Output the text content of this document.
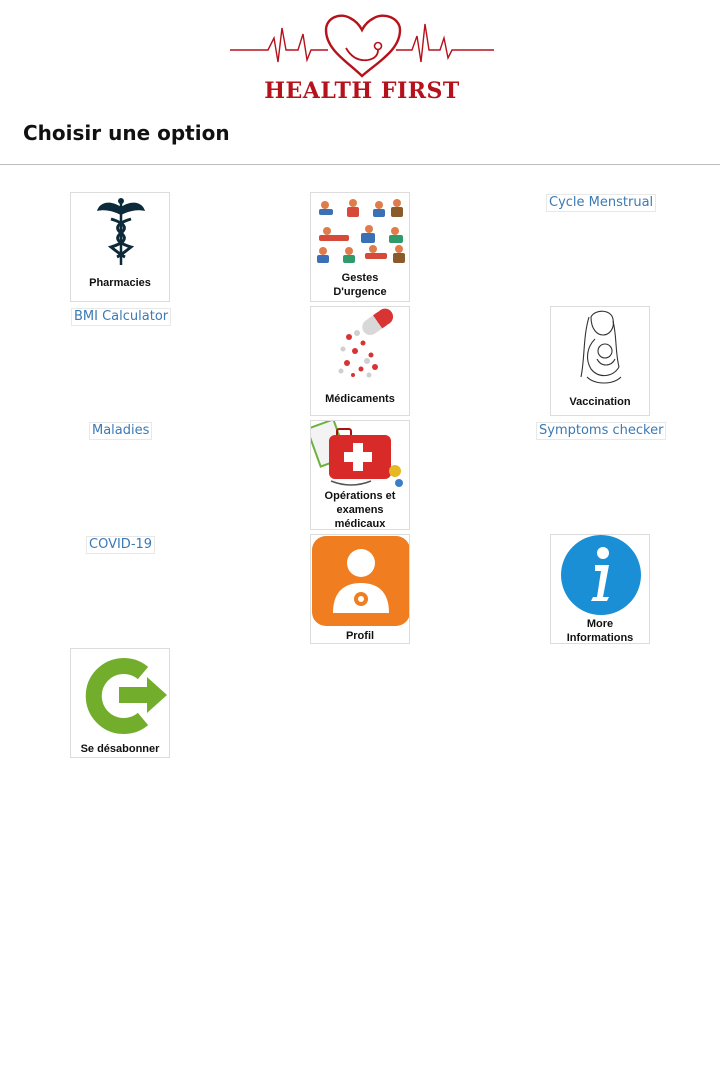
HEALTH FIRST
Choisir une option
Pharmacies	Gestes
D'urgence
Cycle Menstrual
BMI Calculator
Médicaments	Vaccination
Maladies
Opérations et
examens
médicaux
Symptoms checker
COVID-19
Profil
More
Informations
Se désabonner
